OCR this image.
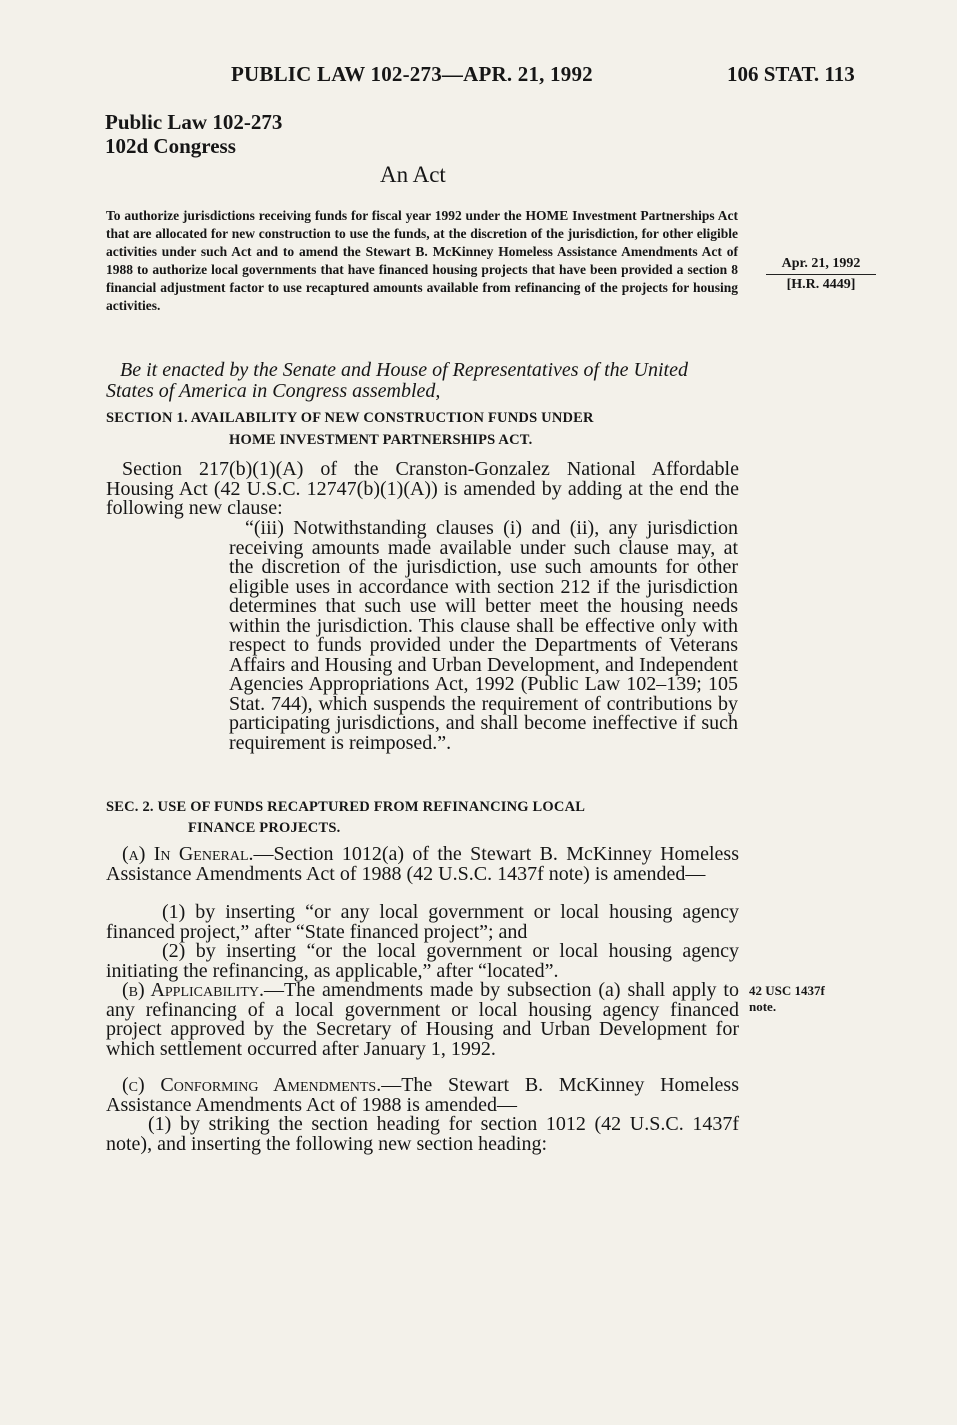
PUBLIC LAW 102-273—APR. 21, 1992	106 STAT. 113
Public Law 102-273
102d Congress
An Act
To authorize jurisdictions receiving funds for fiscal year 1992 under the HOME Investment Partnerships Act that are allocated for new construction to use the funds, at the discretion of the jurisdiction, for other eligible activities under such Act and to amend the Stewart B. McKinney Homeless Assistance Amendments Act of 1988 to authorize local governments that have financed housing projects that have been provided a section 8 financial adjustment factor to use recaptured amounts available from refinancing of the projects for housing activities.
Apr. 21, 1992
[H.R. 4449]
Be it enacted by the Senate and House of Representatives of the United States of America in Congress assembled,
SECTION 1. AVAILABILITY OF NEW CONSTRUCTION FUNDS UNDER
HOME INVESTMENT PARTNERSHIPS ACT.
Section 217(b)(1)(A) of the Cranston-Gonzalez National Affordable Housing Act (42 U.S.C. 12747(b)(1)(A)) is amended by adding at the end the following new clause:
“(iii) Notwithstanding clauses (i) and (ii), any jurisdiction receiving amounts made available under such clause may, at the discretion of the jurisdiction, use such amounts for other eligible uses in accordance with section 212 if the jurisdiction determines that such use will better meet the housing needs within the jurisdiction. This clause shall be effective only with respect to funds provided under the Departments of Veterans Affairs and Housing and Urban Development, and Independent Agencies Appropriations Act, 1992 (Public Law 102–139; 105 Stat. 744), which suspends the requirement of contributions by participating jurisdictions, and shall become ineffective if such requirement is reimposed.”.
SEC. 2. USE OF FUNDS RECAPTURED FROM REFINANCING LOCAL
FINANCE PROJECTS.
(a) In General.—Section 1012(a) of the Stewart B. McKinney Homeless Assistance Amendments Act of 1988 (42 U.S.C. 1437f note) is amended—
(1) by inserting “or any local government or local housing agency financed project,” after “State financed project”; and
(2) by inserting “or the local government or local housing agency initiating the refinancing, as applicable,” after “located”.
(b) Applicability.—The amendments made by subsection (a) shall apply to any refinancing of a local government or local housing agency financed project approved by the Secretary of Housing and Urban Development for which settlement occurred after January 1, 1992.
42 USC 1437f
note.
(c) Conforming Amendments.—The Stewart B. McKinney Homeless Assistance Amendments Act of 1988 is amended—
(1) by striking the section heading for section 1012 (42 U.S.C. 1437f note), and inserting the following new section heading:
